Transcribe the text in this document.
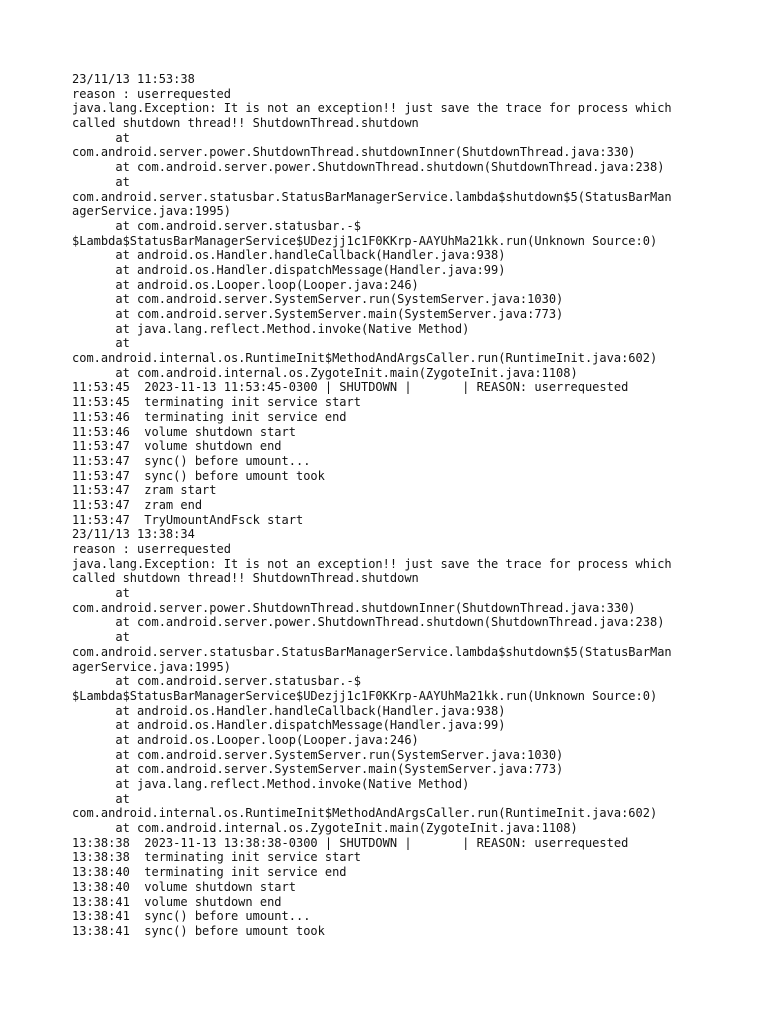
23/11/13 11:53:38
reason : userrequested
java.lang.Exception: It is not an exception!! just save the trace for process which
called shutdown thread!! ShutdownThread.shutdown
at
com.android.server.power.ShutdownThread.shutdownInner(ShutdownThread.java:330)
at com.android.server.power.ShutdownThread.shutdown(ShutdownThread.java:238)
at
com.android.server.statusbar.StatusBarManagerService.lambda$shutdown$5(StatusBarMan
agerService.java:1995)
at com.android.server.statusbar.-$
$Lambda$StatusBarManagerService$UDezjj1c1F0KKrp-AAYUhMa21kk.run(Unknown Source:0)
at android.os.Handler.handleCallback(Handler.java:938)
at android.os.Handler.dispatchMessage(Handler.java:99)
at android.os.Looper.loop(Looper.java:246)
at com.android.server.SystemServer.run(SystemServer.java:1030)
at com.android.server.SystemServer.main(SystemServer.java:773)
at java.lang.reflect.Method.invoke(Native Method)
at
com.android.internal.os.RuntimeInit$MethodAndArgsCaller.run(RuntimeInit.java:602)
at com.android.internal.os.ZygoteInit.main(ZygoteInit.java:1108)
11:53:45  2023-11-13 11:53:45-0300 | SHUTDOWN |       | REASON: userrequested
11:53:45  terminating init service start
11:53:46  terminating init service end
11:53:46  volume shutdown start
11:53:47  volume shutdown end
11:53:47  sync() before umount...
11:53:47  sync() before umount took
11:53:47  zram start
11:53:47  zram end
11:53:47  TryUmountAndFsck start
23/11/13 13:38:34
reason : userrequested
java.lang.Exception: It is not an exception!! just save the trace for process which
called shutdown thread!! ShutdownThread.shutdown
at
com.android.server.power.ShutdownThread.shutdownInner(ShutdownThread.java:330)
at com.android.server.power.ShutdownThread.shutdown(ShutdownThread.java:238)
at
com.android.server.statusbar.StatusBarManagerService.lambda$shutdown$5(StatusBarMan
agerService.java:1995)
at com.android.server.statusbar.-$
$Lambda$StatusBarManagerService$UDezjj1c1F0KKrp-AAYUhMa21kk.run(Unknown Source:0)
at android.os.Handler.handleCallback(Handler.java:938)
at android.os.Handler.dispatchMessage(Handler.java:99)
at android.os.Looper.loop(Looper.java:246)
at com.android.server.SystemServer.run(SystemServer.java:1030)
at com.android.server.SystemServer.main(SystemServer.java:773)
at java.lang.reflect.Method.invoke(Native Method)
at
com.android.internal.os.RuntimeInit$MethodAndArgsCaller.run(RuntimeInit.java:602)
at com.android.internal.os.ZygoteInit.main(ZygoteInit.java:1108)
13:38:38  2023-11-13 13:38:38-0300 | SHUTDOWN |       | REASON: userrequested
13:38:38  terminating init service start
13:38:40  terminating init service end
13:38:40  volume shutdown start
13:38:41  volume shutdown end
13:38:41  sync() before umount...
13:38:41  sync() before umount took
